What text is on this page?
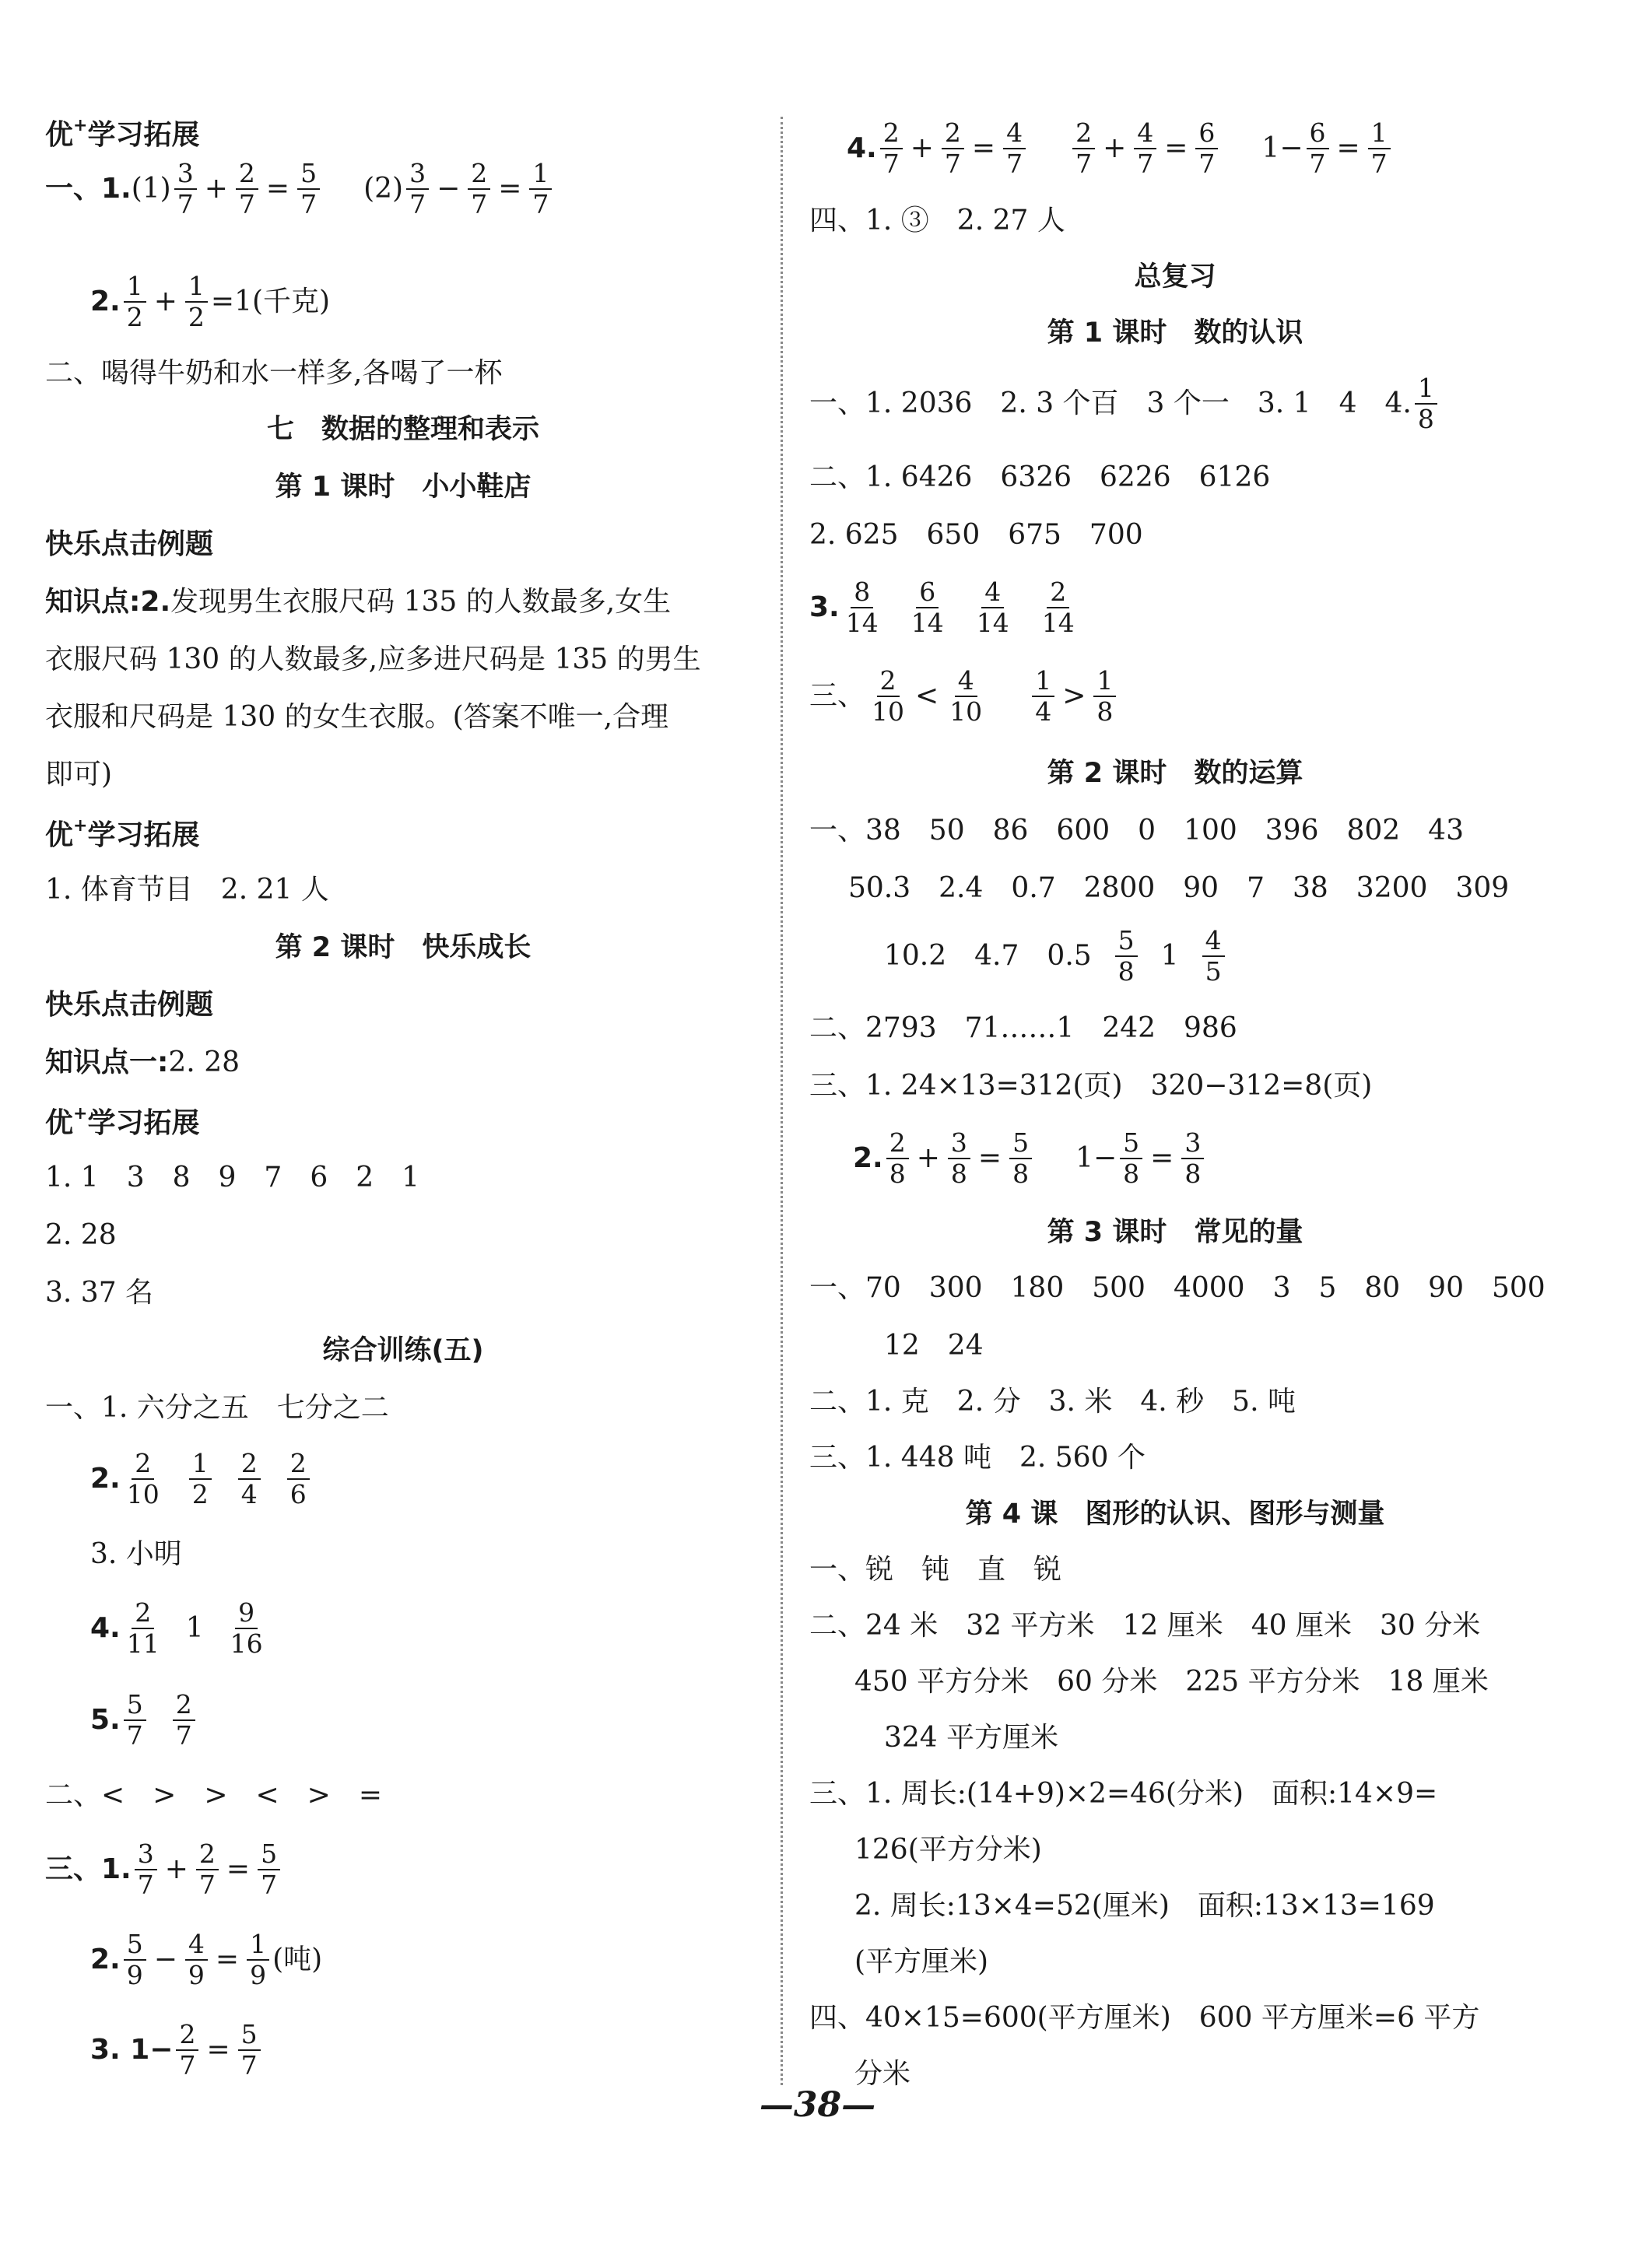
优+学习拓展
一、1. $(1) \frac{3}{7} + \frac{2}{7} = \frac{5}{7} (2) \frac{3}{7} - \frac{2}{7} = \frac{1}{7}$
2. $\frac{1}{2} + \frac{1}{2} =1$(千克)
二、喝得牛奶和水一样多,各喝了一杯
七　数据的整理和表示
第 1 课时　小小鞋店
快乐点击例题
知识点:2. 发现男生衣服尺码 135 的人数最多,女生
衣服尺码 130 的人数最多,应多进尺码是 135 的男生
衣服和尺码是 130 的女生衣服。(答案不唯一,合理
即可)
优+学习拓展
1. 体育节目　2. 21 人
第 2 课时　快乐成长
快乐点击例题
知识点一: 2. 28
优+学习拓展
1. 1　3　8　9　7　6　2　1
2. 28
3. 37 名
综合训练(五)
一、1. 六分之五　七分之二
2. $\frac{2}{10} \frac{1}{2} \frac{2}{4} \frac{2}{6}$
3. 小明
4. $\frac{2}{11} 1 \frac{9}{16}$
5. $\frac{5}{7} \frac{2}{7}$
二、<　>　>　<　>　=
三、1. $\frac{3}{7} + \frac{2}{7} = \frac{5}{7}$
2. $\frac{5}{9} - \frac{4}{9} = \frac{1}{9}$ (吨)
3. $1- \frac{2}{7} = \frac{5}{7}$
4. $\frac{2}{7} + \frac{2}{7} = \frac{4}{7} \frac{2}{7} + \frac{4}{7} = \frac{6}{7} 1- \frac{6}{7} = \frac{1}{7}$
四、1. ③　2. 27 人
总复习
第 1 课时　数的认识
一、1. 2036　2. 3 个百　3 个一　3. 1　4　4. $\frac{1}{8}$
二、1. 6426　6326　6226　6126
2. 625　650　675　700
3. $\frac{8}{14} \frac{6}{14} \frac{4}{14} \frac{2}{14}$
三、 $\frac{2}{10} < \frac{4}{10} \frac{1}{4} > \frac{1}{8}$
第 2 课时　数的运算
一、38　50　86　600　0　100　396　802　43
50.3　2.4　0.7　2800　90　7　38　3200　309
10.2　4.7　$0.5 \frac{5}{8} 1 \frac{4}{5}$
二、2793　71……1　242　986
三、1. 24×13=312(页)　320−312=8(页)
2. $\frac{2}{8} + \frac{3}{8} = \frac{5}{8} 1- \frac{5}{8} = \frac{3}{8}$
第 3 课时　常见的量
一、70　300　180　500　4000　3　5　80　90　500
12　24
二、1. 克　2. 分　3. 米　4. 秒　5. 吨
三、1. 448 吨　2. 560 个
第 4 课　图形的认识、图形与测量
一、锐　钝　直　锐
二、24 米　32 平方米　12 厘米　40 厘米　30 分米
450 平方分米　60 分米　225 平方分米　18 厘米
324 平方厘米
三、1. 周长:(14+9)×2=46(分米)　面积:14×9=
126(平方分米)
2. 周长:13×4=52(厘米)　面积:13×13=169
(平方厘米)
四、40×15=600(平方厘米)　600 平方厘米=6 平方
分米
—38—
